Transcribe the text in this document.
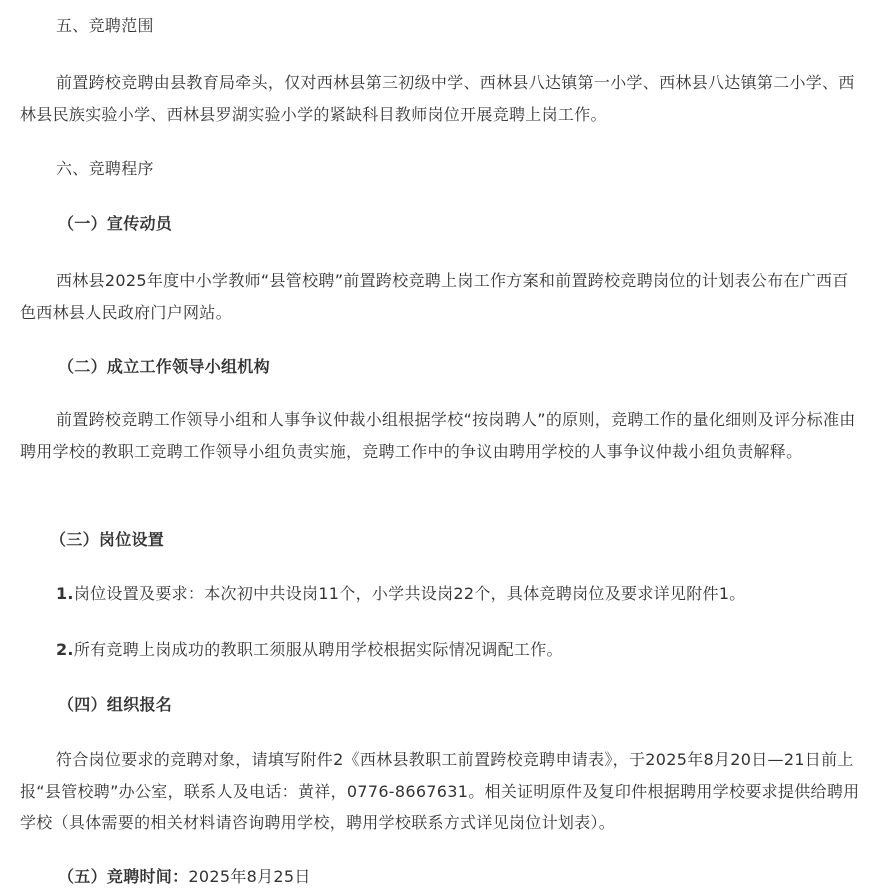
五、竞聘范围

前置跨校竞聘由县教育局牵头，仅对西林县第三初级中学、西林县八达镇第一小学、西林县八达镇第二小学、西林县民族实验小学、西林县罗湖实验小学的紧缺科目教师岗位开展竞聘上岗工作。

六、竞聘程序

（一）宣传动员

西林县2025年度中小学教师“县管校聘”前置跨校竞聘上岗工作方案和前置跨校竞聘岗位的计划表公布在广西百色西林县人民政府门户网站。

（二）成立工作领导小组机构

前置跨校竞聘工作领导小组和人事争议仲裁小组根据学校“按岗聘人”的原则，竞聘工作的量化细则及评分标准由聘用学校的教职工竞聘工作领导小组负责实施，竞聘工作中的争议由聘用学校的人事争议仲裁小组负责解释。

（三）岗位设置

1.岗位设置及要求：本次初中共设岗11个，小学共设岗22个，具体竞聘岗位及要求详见附件1。

2.所有竞聘上岗成功的教职工须服从聘用学校根据实际情况调配工作。

（四）组织报名

符合岗位要求的竞聘对象，请填写附件2《西林县教职工前置跨校竞聘申请表》，于2025年8月20日—21日前上报“县管校聘”办公室，联系人及电话：黄祥，0776-8667631。相关证明原件及复印件根据聘用学校要求提供给聘用学校（具体需要的相关材料请咨询聘用学校，聘用学校联系方式详见岗位计划表）。

（五）竞聘时间：2025年8月25日
